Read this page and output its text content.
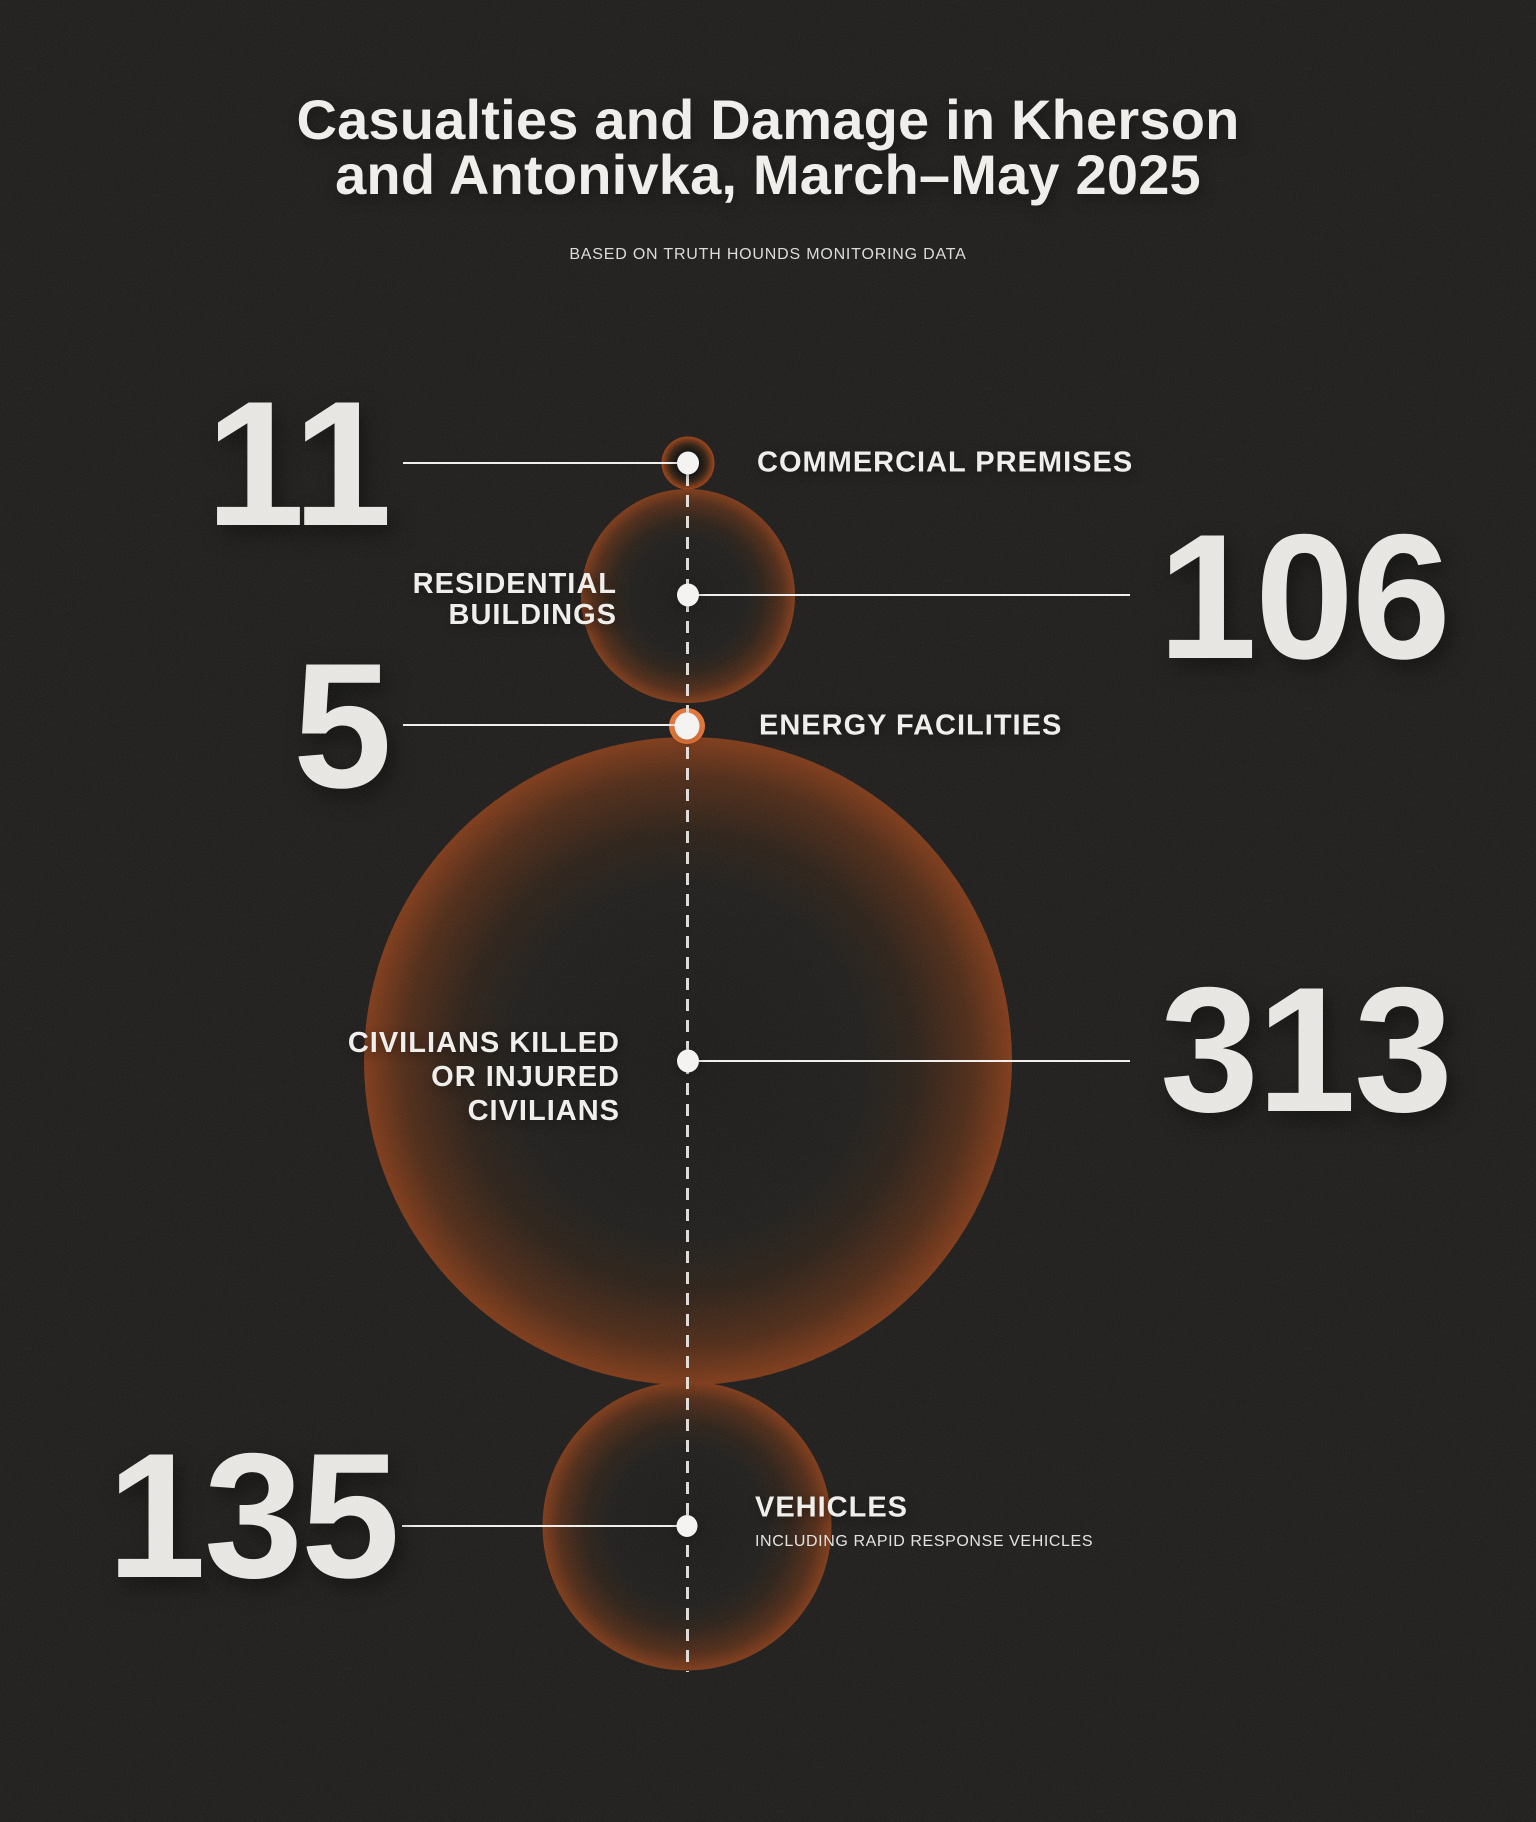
Casualties and Damage in Kherson
and Antonivka, March–May 2025
BASED ON TRUTH HOUNDS MONITORING DATA
11
106
5
313
135
COMMERCIAL PREMISES
RESIDENTIAL
BUILDINGS
ENERGY FACILITIES
CIVILIANS KILLED
OR INJURED
CIVILIANS
VEHICLES
INCLUDING RAPID RESPONSE VEHICLES
